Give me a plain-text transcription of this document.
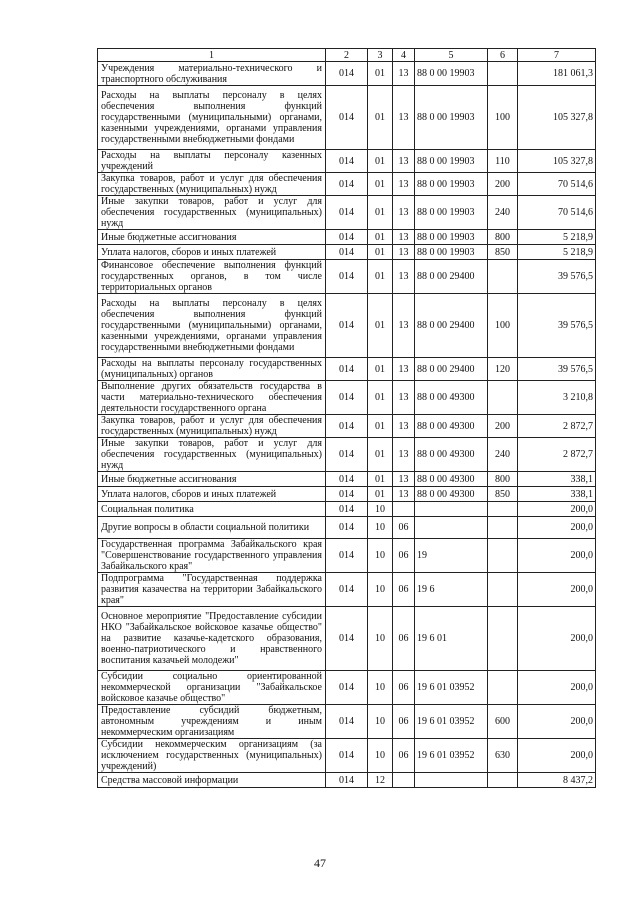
1	2	3	4	5	6	7
Учреждения материально-технического и транспортного обслуживания	014	01	13	88 0 00 19903		181 061,3
Расходы на выплаты персоналу в целях обеспечения выполнения функций государственными (муниципальными) органами, казенными учреждениями, органами управления государственными внебюджетными фондами	014	01	13	88 0 00 19903	100	105 327,8
Расходы на выплаты персоналу казенных учреждений	014	01	13	88 0 00 19903	110	105 327,8
Закупка товаров, работ и услуг для обеспечения государственных (муниципальных) нужд	014	01	13	88 0 00 19903	200	70 514,6
Иные закупки товаров, работ и услуг для обеспечения государственных (муниципальных) нужд	014	01	13	88 0 00 19903	240	70 514,6
Иные бюджетные ассигнования	014	01	13	88 0 00 19903	800	5 218,9
Уплата налогов, сборов и иных платежей	014	01	13	88 0 00 19903	850	5 218,9
Финансовое обеспечение выполнения функций государственных органов, в том числе территориальных органов	014	01	13	88 0 00 29400		39 576,5
Расходы на выплаты персоналу в целях обеспечения выполнения функций государственными (муниципальными) органами, казенными учреждениями, органами управления государственными внебюджетными фондами	014	01	13	88 0 00 29400	100	39 576,5
Расходы на выплаты персоналу государственных (муниципальных) органов	014	01	13	88 0 00 29400	120	39 576,5
Выполнение других обязательств государства в части материально-технического обеспечения деятельности государственного органа	014	01	13	88 0 00 49300		3 210,8
Закупка товаров, работ и услуг для обеспечения государственных (муниципальных) нужд	014	01	13	88 0 00 49300	200	2 872,7
Иные закупки товаров, работ и услуг для обеспечения государственных (муниципальных) нужд	014	01	13	88 0 00 49300	240	2 872,7
Иные бюджетные ассигнования	014	01	13	88 0 00 49300	800	338,1
Уплата налогов, сборов и иных платежей	014	01	13	88 0 00 49300	850	338,1
Социальная политика	014	10				200,0
Другие вопросы в области социальной политики	014	10	06			200,0
Государственная программа Забайкальского края "Совершенствование государственного управления Забайкальского края"	014	10	06	19		200,0
Подпрограмма "Государственная поддержка развития казачества на территории Забайкальского края"	014	10	06	19 6		200,0
Основное мероприятие "Предоставление субсидии НКО "Забайкальское войсковое казачье общество" на развитие казачье-кадетского образования, военно-патриотического и нравственного воспитания казачьей молодежи"	014	10	06	19 6 01		200,0
Субсидии социально ориентированной некоммерческой организации "Забайкальское войсковое казачье общество"	014	10	06	19 6 01 03952		200,0
Предоставление субсидий бюджетным, автономным учреждениям и иным некоммерческим организациям	014	10	06	19 6 01 03952	600	200,0
Субсидии некоммерческим организациям (за исключением государственных (муниципальных) учреждений)	014	10	06	19 6 01 03952	630	200,0
Средства массовой информации	014	12				8 437,2
47
